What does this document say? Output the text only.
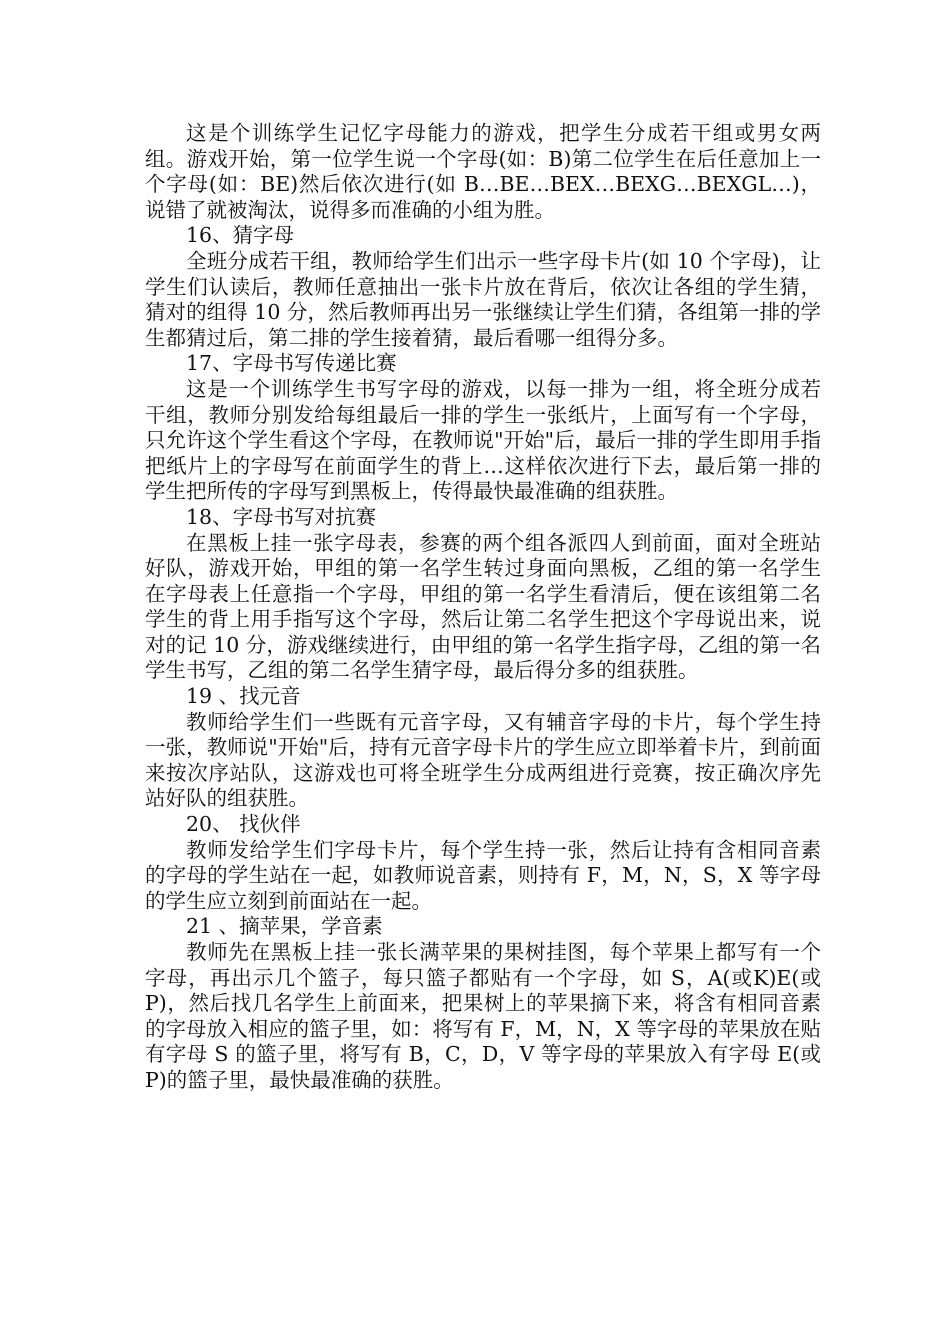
这是个训练学生记忆字母能力的游戏，把学生分成若干组或男女两组。游戏开始，第一位学生说一个字母(如：B)第二位学生在后任意加上一个字母(如：BE)然后依次进行(如 B…BE…BEX…BEXG…BEXGL…)，说错了就被淘汰，说得多而准确的小组为胜。

16、猜字母

全班分成若干组，教师给学生们出示一些字母卡片(如 10 个字母)，让学生们认读后，教师任意抽出一张卡片放在背后，依次让各组的学生猜，猜对的组得 10 分，然后教师再出另一张继续让学生们猜，各组第一排的学生都猜过后，第二排的学生接着猜，最后看哪一组得分多。

17、字母书写传递比赛

这是一个训练学生书写字母的游戏，以每一排为一组，将全班分成若干组，教师分别发给每组最后一排的学生一张纸片，上面写有一个字母，只允许这个学生看这个字母，在教师说"开始"后，最后一排的学生即用手指把纸片上的字母写在前面学生的背上…这样依次进行下去，最后第一排的学生把所传的字母写到黑板上，传得最快最准确的组获胜。

18、字母书写对抗赛

在黑板上挂一张字母表，参赛的两个组各派四人到前面，面对全班站好队，游戏开始，甲组的第一名学生转过身面向黑板，乙组的第一名学生在字母表上任意指一个字母，甲组的第一名学生看清后，便在该组第二名学生的背上用手指写这个字母，然后让第二名学生把这个字母说出来，说对的记 10 分，游戏继续进行，由甲组的第一名学生指字母，乙组的第一名学生书写，乙组的第二名学生猜字母，最后得分多的组获胜。

19 、找元音

教师给学生们一些既有元音字母，又有辅音字母的卡片，每个学生持一张，教师说"开始"后，持有元音字母卡片的学生应立即举着卡片，到前面来按次序站队，这游戏也可将全班学生分成两组进行竞赛，按正确次序先站好队的组获胜。

20、 找伙伴

教师发给学生们字母卡片，每个学生持一张，然后让持有含相同音素的字母的学生站在一起，如教师说音素，则持有 F，M，N，S，X 等字母的学生应立刻到前面站在一起。

21 、摘苹果，学音素

教师先在黑板上挂一张长满苹果的果树挂图，每个苹果上都写有一个字母，再出示几个篮子，每只篮子都贴有一个字母，如 S，A(或K)E(或 P)，然后找几名学生上前面来，把果树上的苹果摘下来，将含有相同音素的字母放入相应的篮子里，如：将写有 F，M，N，X 等字母的苹果放在贴有字母 S 的篮子里，将写有 B，C，D，V 等字母的苹果放入有字母 E(或 P)的篮子里，最快最准确的获胜。
